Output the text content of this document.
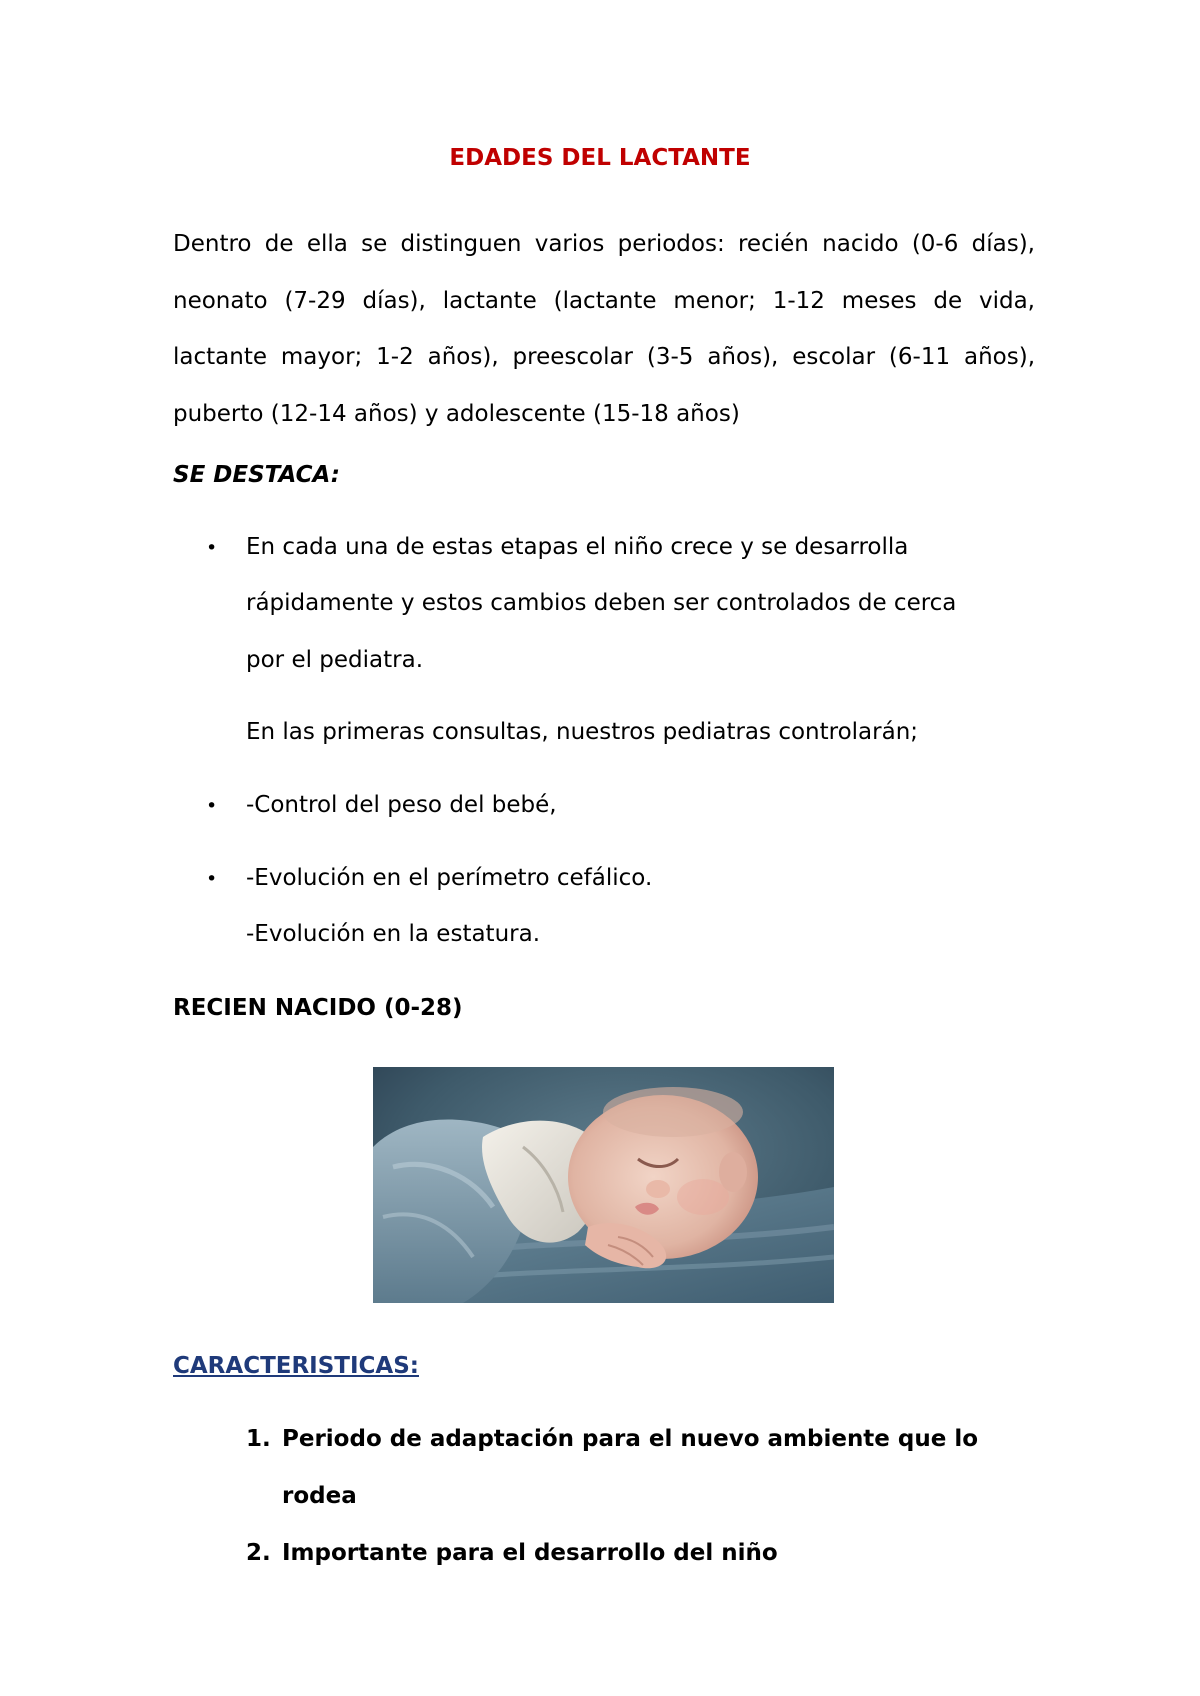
EDADES DEL LACTANTE
Dentro de ella se distinguen varios periodos: recién nacido (0-6 días),
neonato (7-29 días), lactante (lactante menor; 1-12 meses de vida,
lactante mayor; 1-2 años), preescolar (3-5 años), escolar (6-11 años),
puberto (12-14 años) y adolescente (15-18 años)
SE DESTACA:
• En cada una de estas etapas el niño crece y se desarrolla
rápidamente y estos cambios deben ser controlados de cerca
por el pediatra.
En las primeras consultas, nuestros pediatras controlarán;
• -Control del peso del bebé,
• -Evolución en el perímetro cefálico.
-Evolución en la estatura.
RECIEN NACIDO (0-28)
CARACTERISTICAS:
1. Periodo de adaptación para el nuevo ambiente que lo
rodea
2. Importante para el desarrollo del niño
